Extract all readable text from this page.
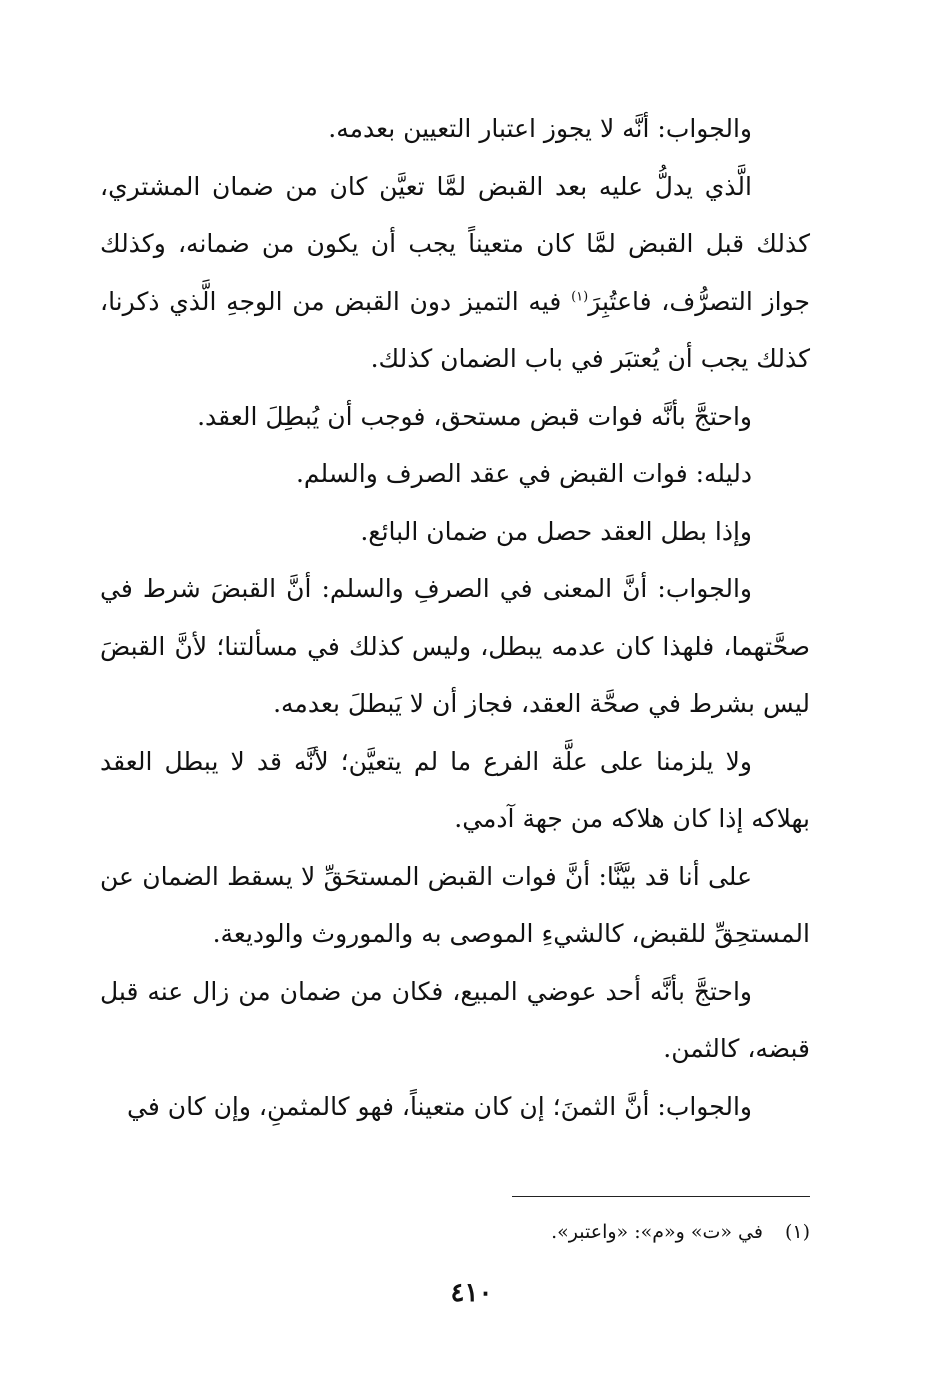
والجواب: أنَّه لا يجوز اعتبار التعيين بعدمه.

الَّذي يدلُّ عليه بعد القبض لمَّا تعيَّن كان من ضمان المشتري، كذلك قبل القبض لمَّا كان متعيناً يجب أن يكون من ضمانه، وكذلك جواز التصرُّف، فاعتُبِرَ$^{(١)}$ فيه التميز دون القبض من الوجهِ الَّذي ذكرنا، كذلك يجب أن يُعتبَر في باب الضمان كذلك.

واحتجَّ بأنَّه فوات قبض مستحق، فوجب أن يُبطِلَ العقد.

دليله: فوات القبض في عقد الصرف والسلم.

وإذا بطل العقد حصل من ضمان البائع.

والجواب: أنَّ المعنى في الصرفِ والسلم: أنَّ القبضَ شرط في صحَّتهما، فلهذا كان عدمه يبطل، وليس كذلك في مسألتنا؛ لأنَّ القبضَ ليس بشرط في صحَّة العقد، فجاز أن لا يَبطلَ بعدمه.

ولا يلزمنا على علَّة الفرع ما لم يتعيَّن؛ لأنَّه قد لا يبطل العقد بهلاكه إذا كان هلاكه من جهة آدمي.

على أنا قد بيَّنَّا: أنَّ فوات القبض المستحَقِّ لا يسقط الضمان عن المستحِقِّ للقبض، كالشيءِ الموصى به والموروث والوديعة.

واحتجَّ بأنَّه أحد عوضي المبيع، فكان من ضمان من زال عنه قبل قبضه، كالثمن.

والجواب: أنَّ الثمنَ؛ إن كان متعيناً، فهو كالمثمنِ، وإن كان في

(١)في «ت» و«م»: «واعتبر».
٤١٠
